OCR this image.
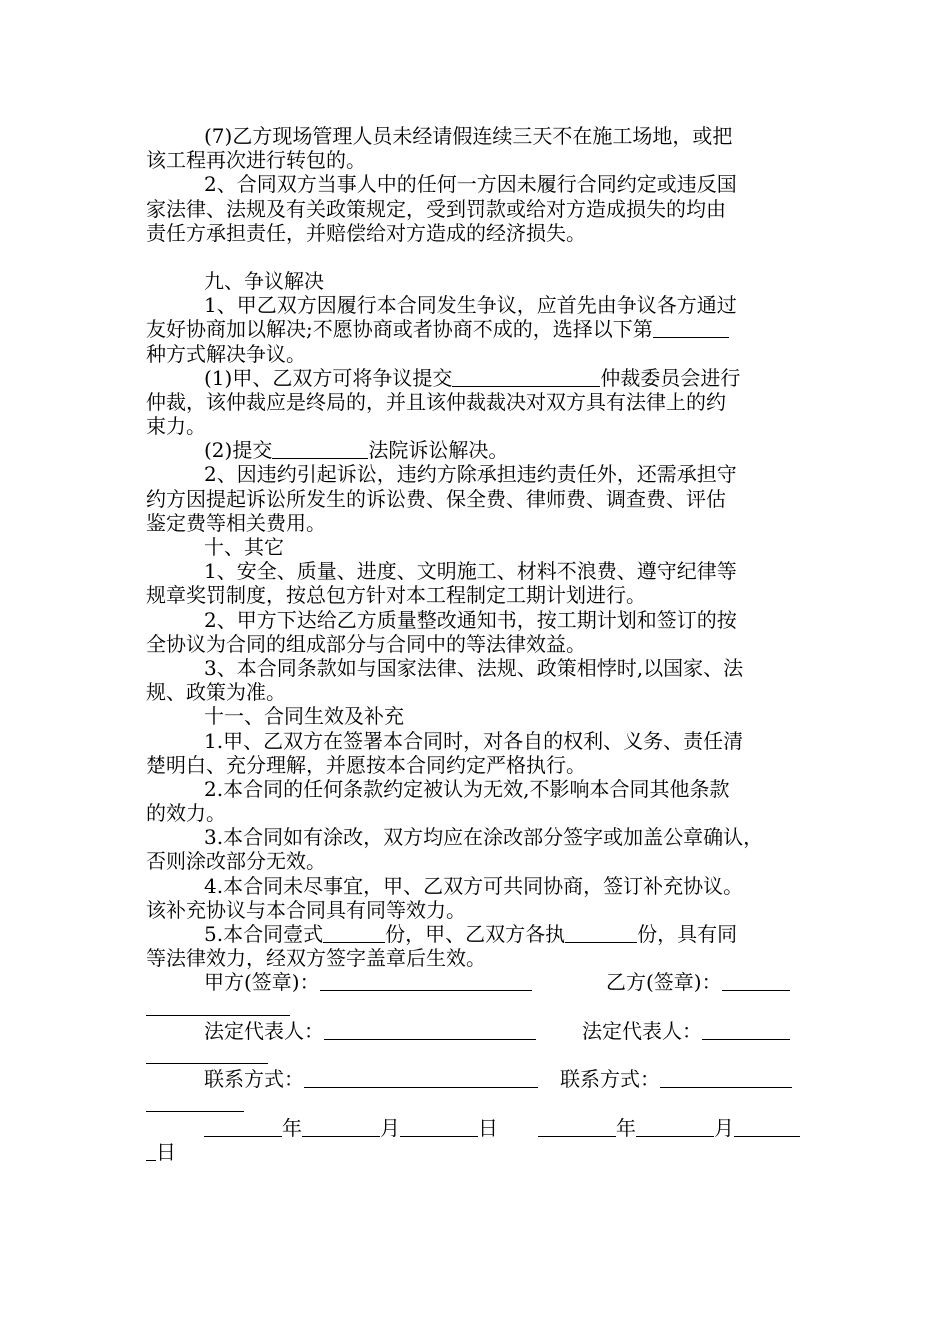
(7)乙方现场管理人员未经请假连续三天不在施工场地，或把
该工程再次进行转包的。
2、合同双方当事人中的任何一方因未履行合同约定或违反国
家法律、法规及有关政策规定，受到罚款或给对方造成损失的均由
责任方承担责任，并赔偿给对方造成的经济损失。
九、争议解决
1、甲乙双方因履行本合同发生争议，应首先由争议各方通过
友好协商加以解决;不愿协商或者协商不成的，选择以下第
种方式解决争议。
(1)甲、乙双方可将争议提交	仲裁委员会进行
仲裁，该仲裁应是终局的，并且该仲裁裁决对双方具有法律上的约
束力。
(2)提交	法院诉讼解决。
2、因违约引起诉讼，违约方除承担违约责任外，还需承担守
约方因提起诉讼所发生的诉讼费、保全费、律师费、调查费、评估
鉴定费等相关费用。
十、其它
1、安全、质量、进度、文明施工、材料不浪费、遵守纪律等
规章奖罚制度，按总包方针对本工程制定工期计划进行。
2、甲方下达给乙方质量整改通知书，按工期计划和签订的按
全协议为合同的组成部分与合同中的等法律效益。
3、本合同条款如与国家法律、法规、政策相悖时,以国家、法
规、政策为准。
十一、合同生效及补充
1.甲、乙双方在签署本合同时，对各自的权利、义务、责任清
楚明白、充分理解，并愿按本合同约定严格执行。
2.本合同的任何条款约定被认为无效,不影响本合同其他条款
的效力。
3.本合同如有涂改，双方均应在涂改部分签字或加盖公章确认，
否则涂改部分无效。
4.本合同未尽事宜，甲、乙双方可共同协商，签订补充协议。
该补充协议与本合同具有同等效力。
5.本合同壹式	份，甲、乙双方各执	份，具有同
等法律效力，经双方签字盖章后生效。
甲方(签章)：	乙方(签章)：
法定代表人：	法定代表人：
联系方式：	联系方式：
年	月	日	年	月
日
